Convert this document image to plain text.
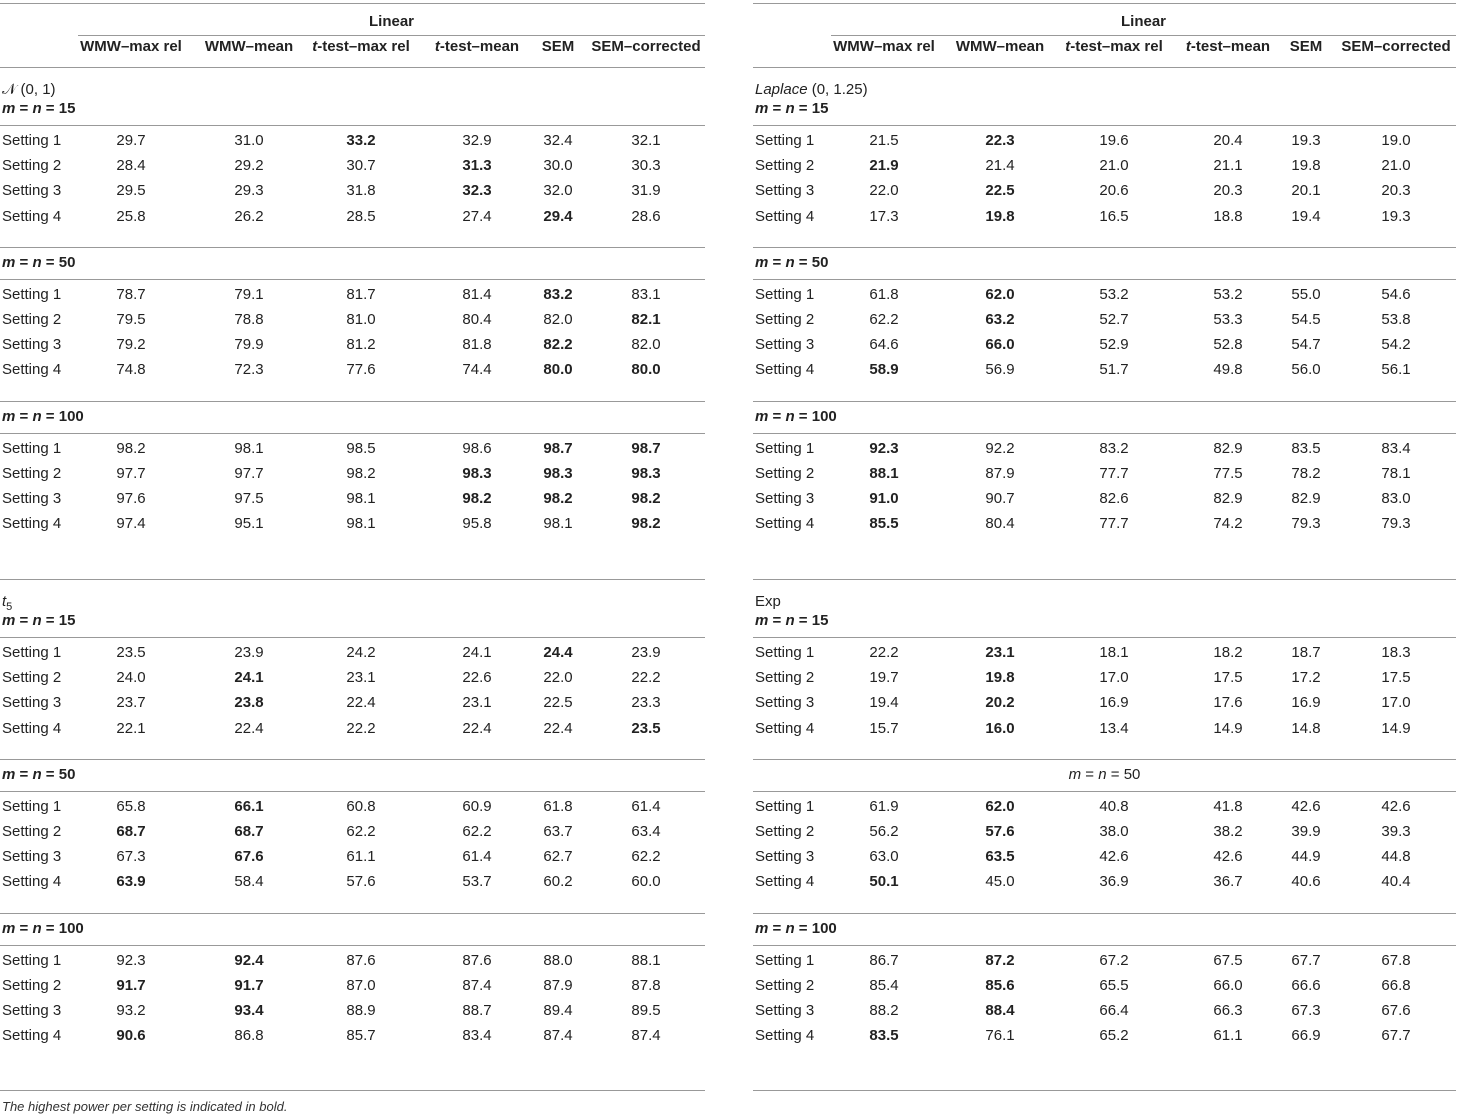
Linear
WMW–max rel	WMW–mean	t-test–max rel	t-test–mean	SEM	SEM–corrected
𝒩 (0, 1)
m = n = 15
Setting 1	29.7	31.0	33.2	32.9	32.4	32.1
Setting 2	28.4	29.2	30.7	31.3	30.0	30.3
Setting 3	29.5	29.3	31.8	32.3	32.0	31.9
Setting 4	25.8	26.2	28.5	27.4	29.4	28.6
m = n = 50
Setting 1	78.7	79.1	81.7	81.4	83.2	83.1
Setting 2	79.5	78.8	81.0	80.4	82.0	82.1
Setting 3	79.2	79.9	81.2	81.8	82.2	82.0
Setting 4	74.8	72.3	77.6	74.4	80.0	80.0
m = n = 100
Setting 1	98.2	98.1	98.5	98.6	98.7	98.7
Setting 2	97.7	97.7	98.2	98.3	98.3	98.3
Setting 3	97.6	97.5	98.1	98.2	98.2	98.2
Setting 4	97.4	95.1	98.1	95.8	98.1	98.2
$t_5$
m = n = 15
Setting 1	23.5	23.9	24.2	24.1	24.4	23.9
Setting 2	24.0	24.1	23.1	22.6	22.0	22.2
Setting 3	23.7	23.8	22.4	23.1	22.5	23.3
Setting 4	22.1	22.4	22.2	22.4	22.4	23.5
m = n = 50
Setting 1	65.8	66.1	60.8	60.9	61.8	61.4
Setting 2	68.7	68.7	62.2	62.2	63.7	63.4
Setting 3	67.3	67.6	61.1	61.4	62.7	62.2
Setting 4	63.9	58.4	57.6	53.7	60.2	60.0
m = n = 100
Setting 1	92.3	92.4	87.6	87.6	88.0	88.1
Setting 2	91.7	91.7	87.0	87.4	87.9	87.8
Setting 3	93.2	93.4	88.9	88.7	89.4	89.5
Setting 4	90.6	86.8	85.7	83.4	87.4	87.4
Linear
WMW–max rel	WMW–mean	t-test–max rel	t-test–mean	SEM	SEM–corrected
Laplace (0, 1.25)
m = n = 15
Setting 1	21.5	22.3	19.6	20.4	19.3	19.0
Setting 2	21.9	21.4	21.0	21.1	19.8	21.0
Setting 3	22.0	22.5	20.6	20.3	20.1	20.3
Setting 4	17.3	19.8	16.5	18.8	19.4	19.3
m = n = 50
Setting 1	61.8	62.0	53.2	53.2	55.0	54.6
Setting 2	62.2	63.2	52.7	53.3	54.5	53.8
Setting 3	64.6	66.0	52.9	52.8	54.7	54.2
Setting 4	58.9	56.9	51.7	49.8	56.0	56.1
m = n = 100
Setting 1	92.3	92.2	83.2	82.9	83.5	83.4
Setting 2	88.1	87.9	77.7	77.5	78.2	78.1
Setting 3	91.0	90.7	82.6	82.9	82.9	83.0
Setting 4	85.5	80.4	77.7	74.2	79.3	79.3
Exp
m = n = 15
Setting 1	22.2	23.1	18.1	18.2	18.7	18.3
Setting 2	19.7	19.8	17.0	17.5	17.2	17.5
Setting 3	19.4	20.2	16.9	17.6	16.9	17.0
Setting 4	15.7	16.0	13.4	14.9	14.8	14.9
m = n = 50
Setting 1	61.9	62.0	40.8	41.8	42.6	42.6
Setting 2	56.2	57.6	38.0	38.2	39.9	39.3
Setting 3	63.0	63.5	42.6	42.6	44.9	44.8
Setting 4	50.1	45.0	36.9	36.7	40.6	40.4
m = n = 100
Setting 1	86.7	87.2	67.2	67.5	67.7	67.8
Setting 2	85.4	85.6	65.5	66.0	66.6	66.8
Setting 3	88.2	88.4	66.4	66.3	67.3	67.6
Setting 4	83.5	76.1	65.2	61.1	66.9	67.7
The highest power per setting is indicated in bold.
